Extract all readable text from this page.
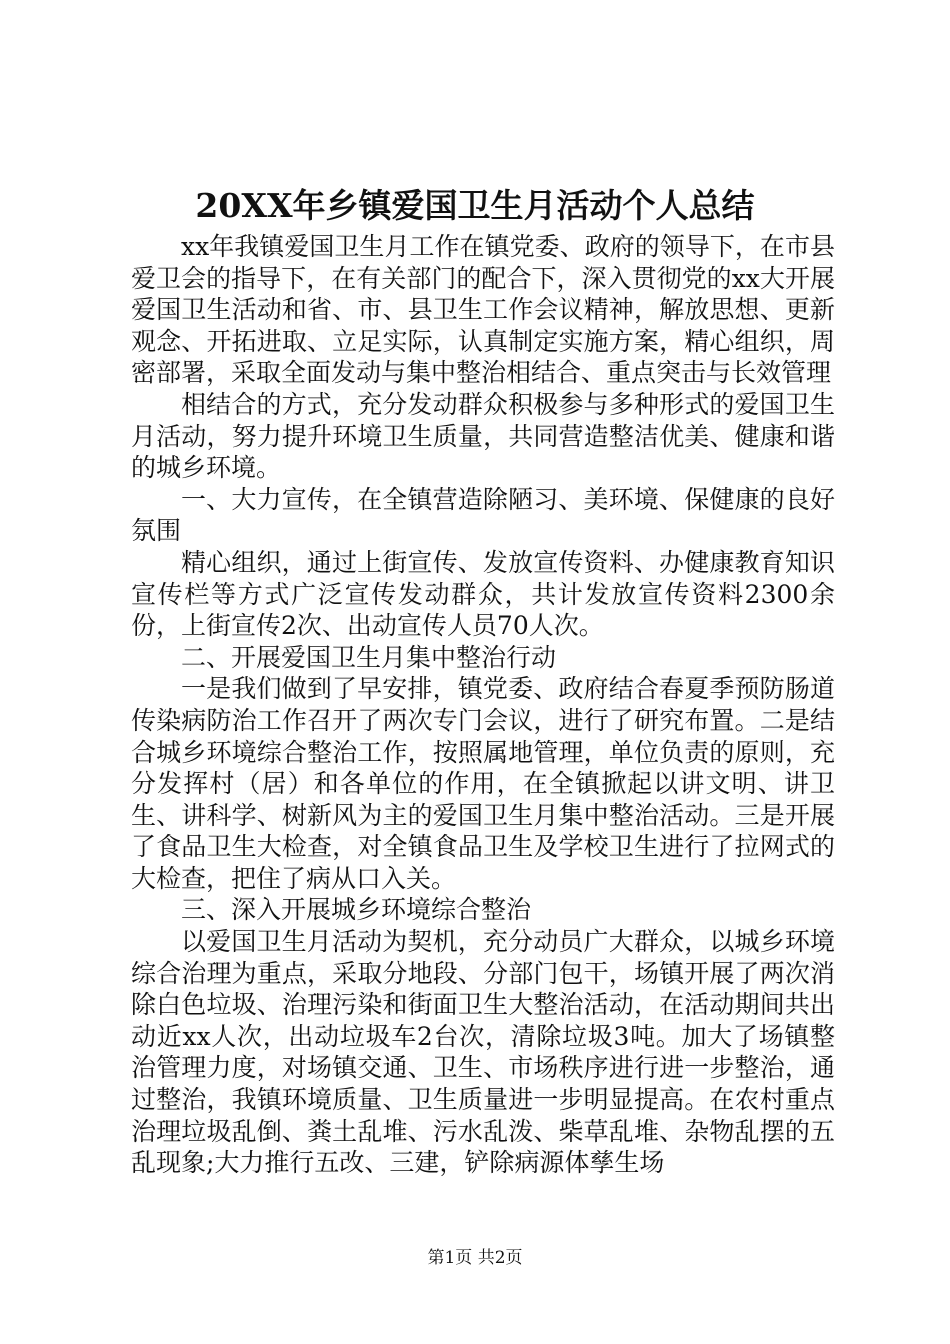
20XX年乡镇爱国卫生月活动个人总结

xx年我镇爱国卫生月工作在镇党委、政府的领导下，在市县爱卫会的指导下，在有关部门的配合下，深入贯彻党的xx大开展爱国卫生活动和省、市、县卫生工作会议精神，解放思想、更新观念、开拓进取、立足实际，认真制定实施方案，精心组织，周密部署，采取全面发动与集中整治相结合、重点突击与长效管理

相结合的方式，充分发动群众积极参与多种形式的爱国卫生月活动，努力提升环境卫生质量，共同营造整洁优美、健康和谐的城乡环境。

一、大力宣传，在全镇营造除陋习、美环境、保健康的良好氛围

精心组织，通过上街宣传、发放宣传资料、办健康教育知识宣传栏等方式广泛宣传发动群众，共计发放宣传资料2300余份，上街宣传2次、出动宣传人员70人次。

二、开展爱国卫生月集中整治行动

一是我们做到了早安排，镇党委、政府结合春夏季预防肠道传染病防治工作召开了两次专门会议，进行了研究布置。二是结合城乡环境综合整治工作，按照属地管理，单位负责的原则，充分发挥村（居）和各单位的作用，在全镇掀起以讲文明、讲卫生、讲科学、树新风为主的爱国卫生月集中整治活动。三是开展了食品卫生大检查，对全镇食品卫生及学校卫生进行了拉网式的大检查，把住了病从口入关。

三、深入开展城乡环境综合整治

以爱国卫生月活动为契机，充分动员广大群众，以城乡环境综合治理为重点，采取分地段、分部门包干，场镇开展了两次消除白色垃圾、治理污染和街面卫生大整治活动，在活动期间共出动近xx人次，出动垃圾车2台次，清除垃圾3吨。加大了场镇整治管理力度，对场镇交通、卫生、市场秩序进行进一步整治，通过整治，我镇环境质量、卫生质量进一步明显提高。在农村重点治理垃圾乱倒、粪土乱堆、污水乱泼、柴草乱堆、杂物乱摆的五乱现象;大力推行五改、三建，铲除病源体孳生场

第1页 共2页
